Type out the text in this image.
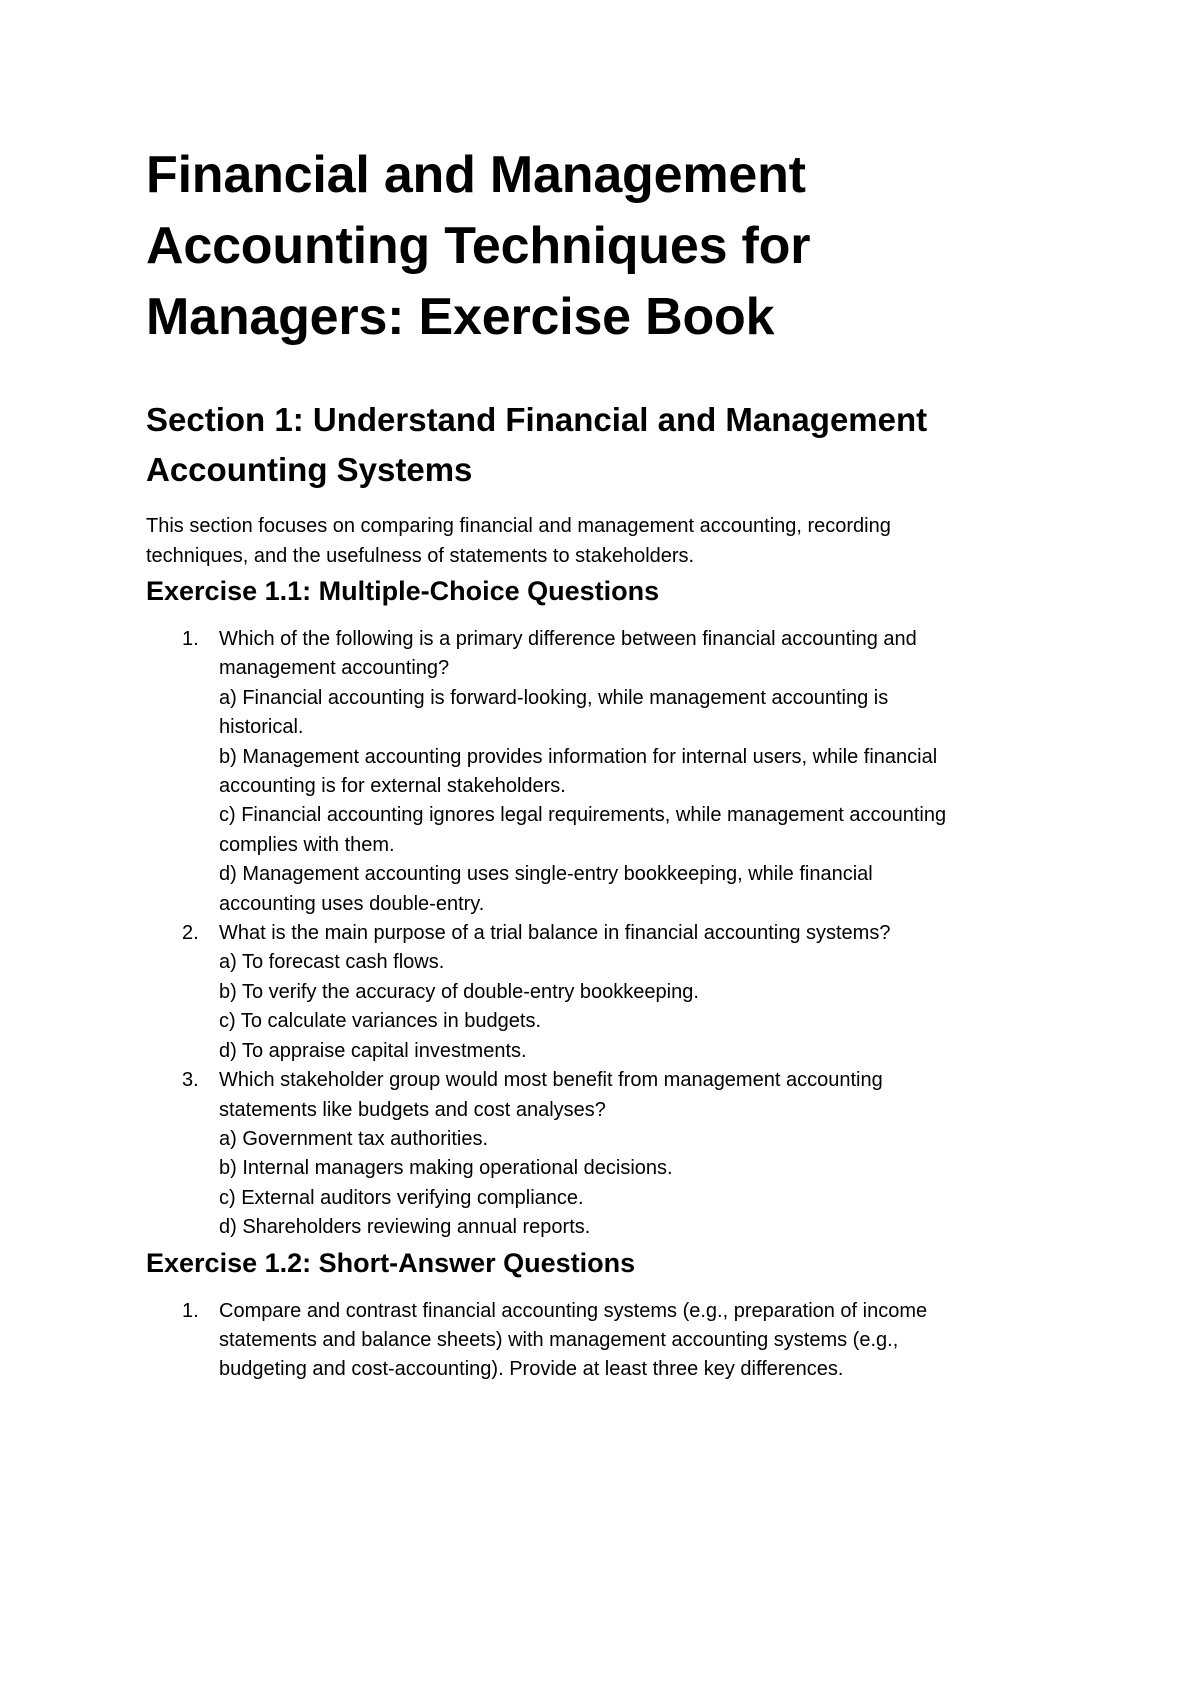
Financial and Management
Accounting Techniques for
Managers: Exercise Book
Section 1: Understand Financial and Management
Accounting Systems

This section focuses on comparing financial and management accounting, recording
techniques, and the usefulness of statements to stakeholders.

Exercise 1.1: Multiple-Choice Questions
1. Which of the following is a primary difference between financial accounting and
management accounting?
a) Financial accounting is forward-looking, while management accounting is
historical.
b) Management accounting provides information for internal users, while financial
accounting is for external stakeholders.
c) Financial accounting ignores legal requirements, while management accounting
complies with them.
d) Management accounting uses single-entry bookkeeping, while financial
accounting uses double-entry.
2. What is the main purpose of a trial balance in financial accounting systems?
a) To forecast cash flows.
b) To verify the accuracy of double-entry bookkeeping.
c) To calculate variances in budgets.
d) To appraise capital investments.
3. Which stakeholder group would most benefit from management accounting
statements like budgets and cost analyses?
a) Government tax authorities.
b) Internal managers making operational decisions.
c) External auditors verifying compliance.
d) Shareholders reviewing annual reports.
Exercise 1.2: Short-Answer Questions
1. Compare and contrast financial accounting systems (e.g., preparation of income
statements and balance sheets) with management accounting systems (e.g.,
budgeting and cost-accounting). Provide at least three key differences.
